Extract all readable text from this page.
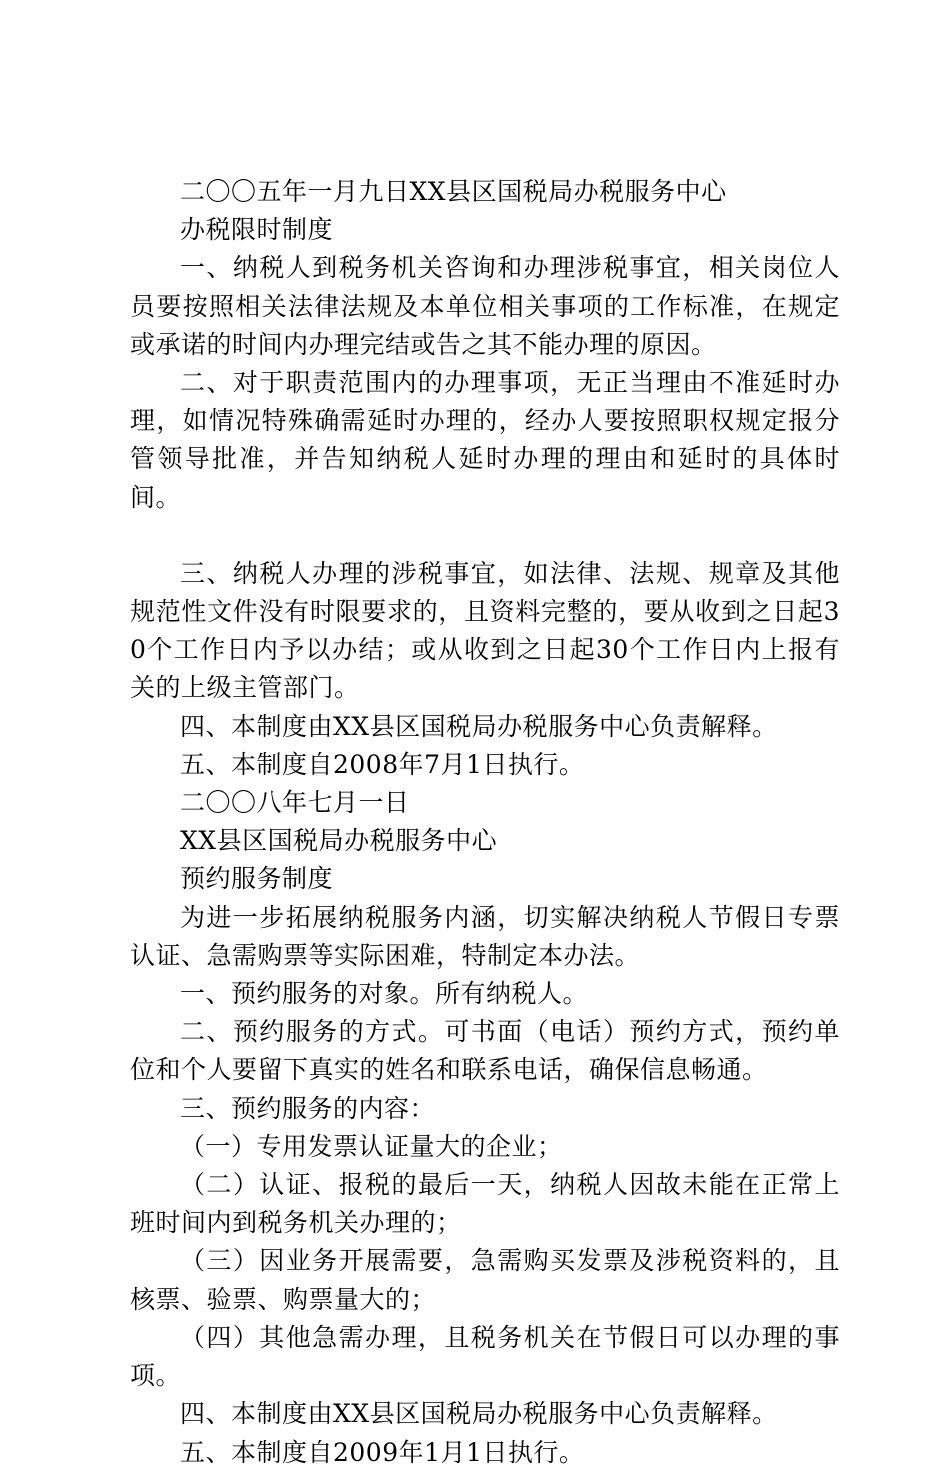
二〇〇五年一月九日XX县区国税局办税服务中心

办税限时制度

一、纳税人到税务机关咨询和办理涉税事宜，相关岗位人员要按照相关法律法规及本单位相关事项的工作标准，在规定或承诺的时间内办理完结或告之其不能办理的原因。

二、对于职责范围内的办理事项，无正当理由不准延时办理，如情况特殊确需延时办理的，经办人要按照职权规定报分管领导批准，并告知纳税人延时办理的理由和延时的具体时间。

三、纳税人办理的涉税事宜，如法律、法规、规章及其他规范性文件没有时限要求的，且资料完整的，要从收到之日起30个工作日内予以办结；或从收到之日起30个工作日内上报有关的上级主管部门。

四、本制度由XX县区国税局办税服务中心负责解释。

五、本制度自2008年7月1日执行。

二〇〇八年七月一日

XX县区国税局办税服务中心

预约服务制度

为进一步拓展纳税服务内涵，切实解决纳税人节假日专票认证、急需购票等实际困难，特制定本办法。

一、预约服务的对象。所有纳税人。

二、预约服务的方式。可书面（电话）预约方式，预约单位和个人要留下真实的姓名和联系电话，确保信息畅通。

三、预约服务的内容：

（一）专用发票认证量大的企业；

（二）认证、报税的最后一天，纳税人因故未能在正常上班时间内到税务机关办理的；

（三）因业务开展需要，急需购买发票及涉税资料的，且核票、验票、购票量大的；

（四）其他急需办理，且税务机关在节假日可以办理的事项。

四、本制度由XX县区国税局办税服务中心负责解释。

五、本制度自2009年1月1日执行。
